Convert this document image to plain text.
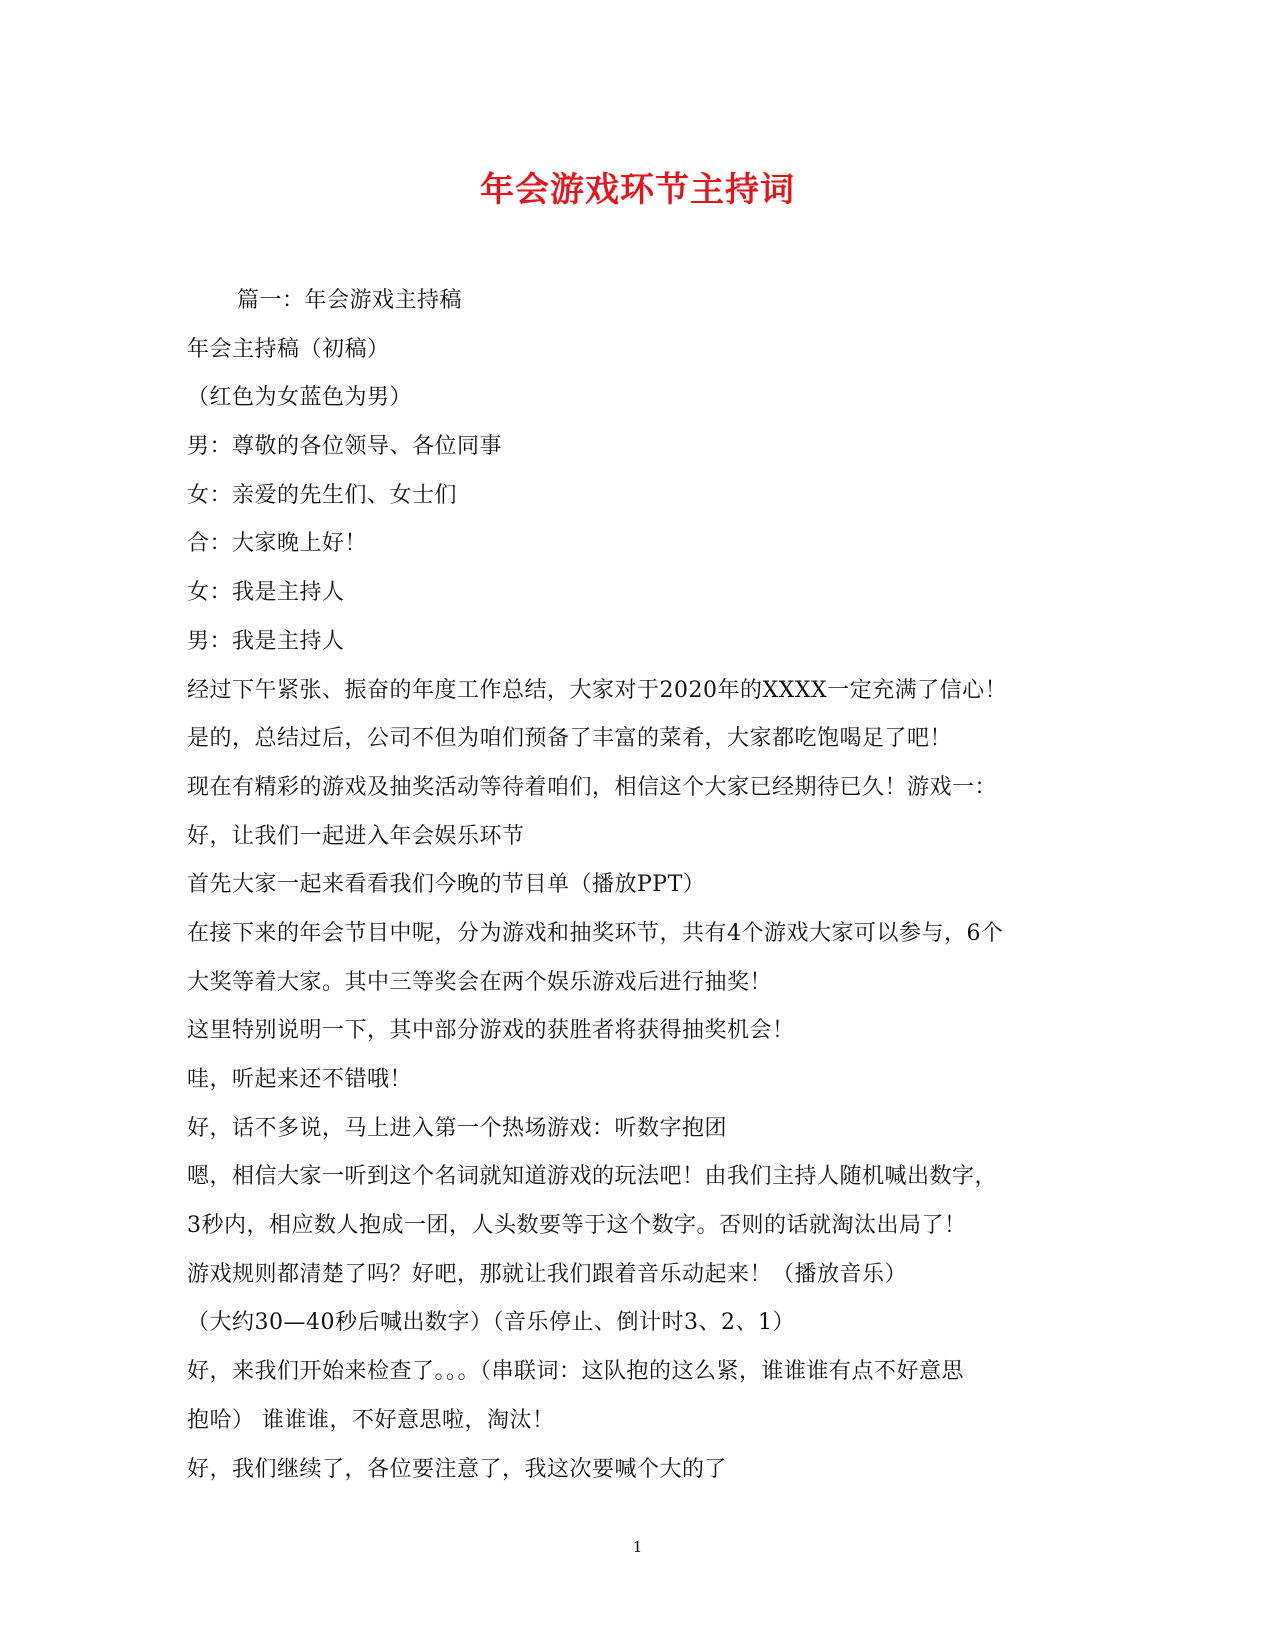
年会游戏环节主持词
篇一：年会游戏主持稿
年会主持稿（初稿）
（红色为女蓝色为男）
男：尊敬的各位领导、各位同事
女：亲爱的先生们、女士们
合：大家晚上好！
女：我是主持人
男：我是主持人
经过下午紧张、振奋的年度工作总结，大家对于2020年的XXXX一定充满了信心！
是的，总结过后，公司不但为咱们预备了丰富的菜肴，大家都吃饱喝足了吧！
现在有精彩的游戏及抽奖活动等待着咱们，相信这个大家已经期待已久！游戏一：
好，让我们一起进入年会娱乐环节
首先大家一起来看看我们今晚的节目单（播放PPT）
在接下来的年会节目中呢，分为游戏和抽奖环节，共有4个游戏大家可以参与，6个
大奖等着大家。其中三等奖会在两个娱乐游戏后进行抽奖！
这里特别说明一下，其中部分游戏的获胜者将获得抽奖机会！
哇，听起来还不错哦！
好，话不多说，马上进入第一个热场游戏：听数字抱团
嗯，相信大家一听到这个名词就知道游戏的玩法吧！由我们主持人随机喊出数字，
3秒内，相应数人抱成一团，人头数要等于这个数字。否则的话就淘汰出局了！
游戏规则都清楚了吗？好吧，那就让我们跟着音乐动起来！（播放音乐）
（大约30—40秒后喊出数字）（音乐停止、倒计时3、2、1）
好，来我们开始来检查了。。。（串联词：这队抱的这么紧，谁谁谁有点不好意思
抱哈） 谁谁谁，不好意思啦，淘汰！
好，我们继续了，各位要注意了，我这次要喊个大的了
1
